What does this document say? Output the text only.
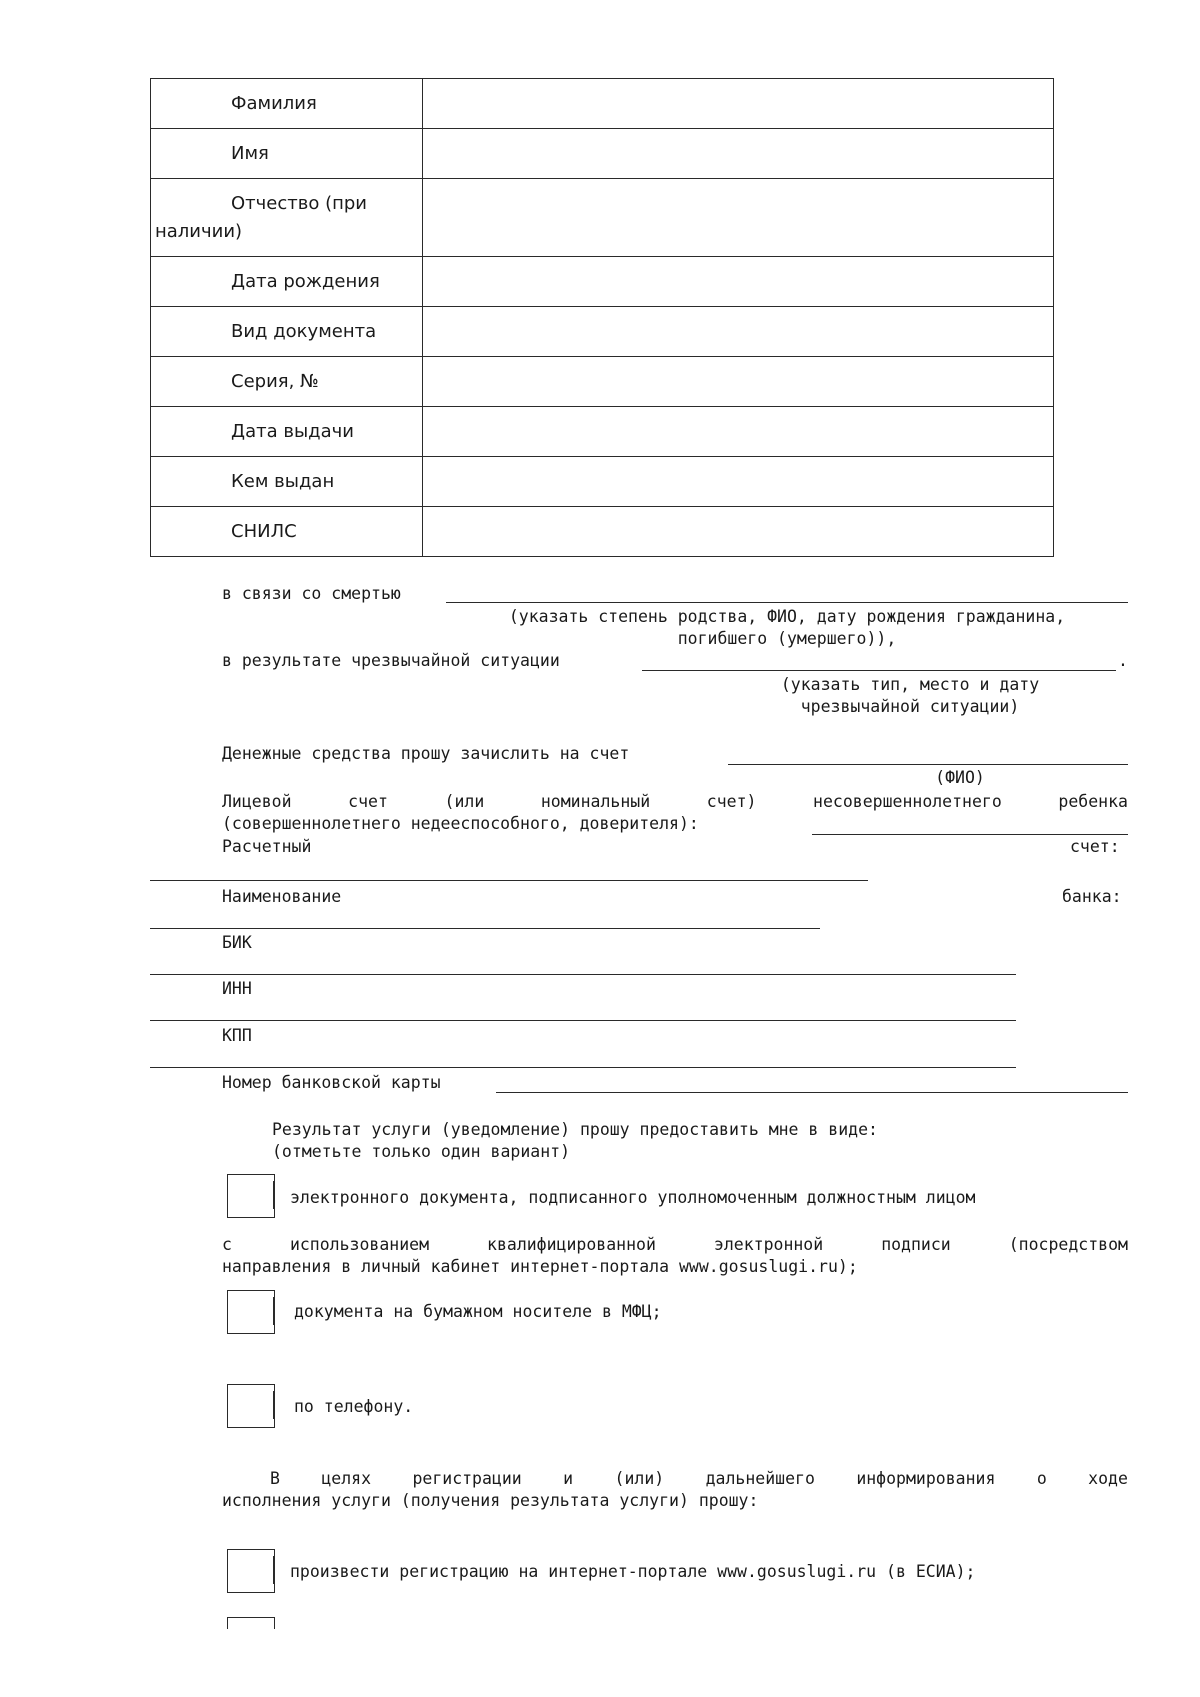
Фамилия	
Имя	
Отчество (при
наличии)	
Дата рождения	
Вид документа	
Серия, №	
Дата выдачи	
Кем выдан	
СНИЛС	
в связи со смертью
(указать степень родства, ФИО, дату рождения гражданина,
погибшего (умершего)),
в результате чрезвычайной ситуации	.
(указать тип, место и дату
чрезвычайной ситуации)
Денежные средства прошу зачислить на счет
(ФИО)
Лицевой	счет	(или	номинальный	счет)	несовершеннолетнего	ребенка
(совершеннолетнего недееспособного, доверителя):
Расчетный	счет:
Наименование	банка:
БИК
ИНН
КПП
Номер банковской карты
Результат услуги (уведомление) прошу предоставить мне в виде:
(отметьте только один вариант)
электронного документа, подписанного уполномоченным должностным лицом
с	использованием	квалифицированной	электронной	подписи	(посредством
направления в личный кабинет интернет-портала www.gosuslugi.ru);
документа на бумажном носителе в МФЦ;
по телефону.
В	целях	регистрации	и	(или)	дальнейшего	информирования	о	ходе
исполнения услуги (получения результата услуги) прошу:
произвести регистрацию на интернет-портале www.gosuslugi.ru (в ЕСИА);
